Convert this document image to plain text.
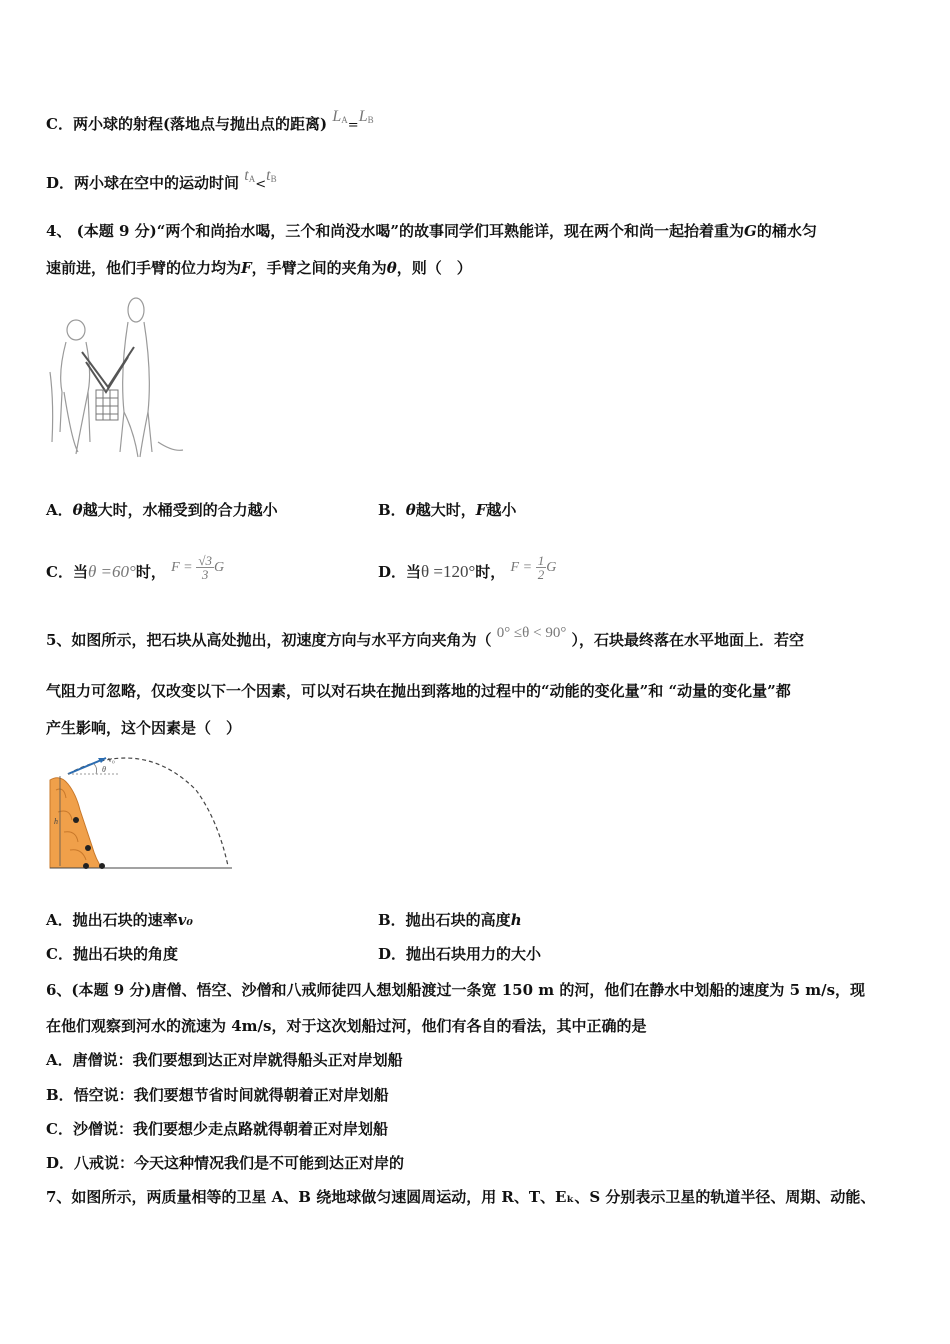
C．两小球的射程(落地点与抛出点的距离) $L_A=L_B$
D．两小球在空中的运动时间 $t_A<t_B$
4、 (本题 9 分)“两个和尚抬水喝，三个和尚没水喝”的故事同学们耳熟能详，现在两个和尚一起抬着重为G的桶水匀
速前进，他们手臂的位力均为F，手臂之间的夹角为θ，则（　）
A．θ越大时，水桶受到的合力越小	B．θ越大时，F越小
C．当θ =60°时， $F = \frac{√3}{3}$ G	D．当θ =120°时， $F = \frac{1}{2}$ G
5、如图所示，把石块从高处抛出，初速度方向与水平方向夹角为（ 0° ≤θ < 90° ），石块最终落在水平地面上．若空
气阻力可忽略，仅改变以下一个因素，可以对石块在抛出到落地的过程中的“动能的变化量”和 “动量的变化量”都
产生影响，这个因素是（　）
v₀
θ
h
A．抛出石块的速率v₀	B．抛出石块的高度h
C．抛出石块的角度	D．抛出石块用力的大小
6、(本题 9 分)唐僧、悟空、沙僧和八戒师徒四人想划船渡过一条宽 150 m 的河，他们在静水中划船的速度为 5 m/s，现
在他们观察到河水的流速为 4m/s，对于这次划船过河，他们有各自的看法，其中正确的是
A．唐僧说：我们要想到达正对岸就得船头正对岸划船
B．悟空说：我们要想节省时间就得朝着正对岸划船
C．沙僧说：我们要想少走点路就得朝着正对岸划船
D．八戒说：今天这种情况我们是不可能到达正对岸的
7、如图所示，两质量相等的卫星 A、B 绕地球做匀速圆周运动，用 R、T、Eₖ、S 分别表示卫星的轨道半径、周期、动能、
